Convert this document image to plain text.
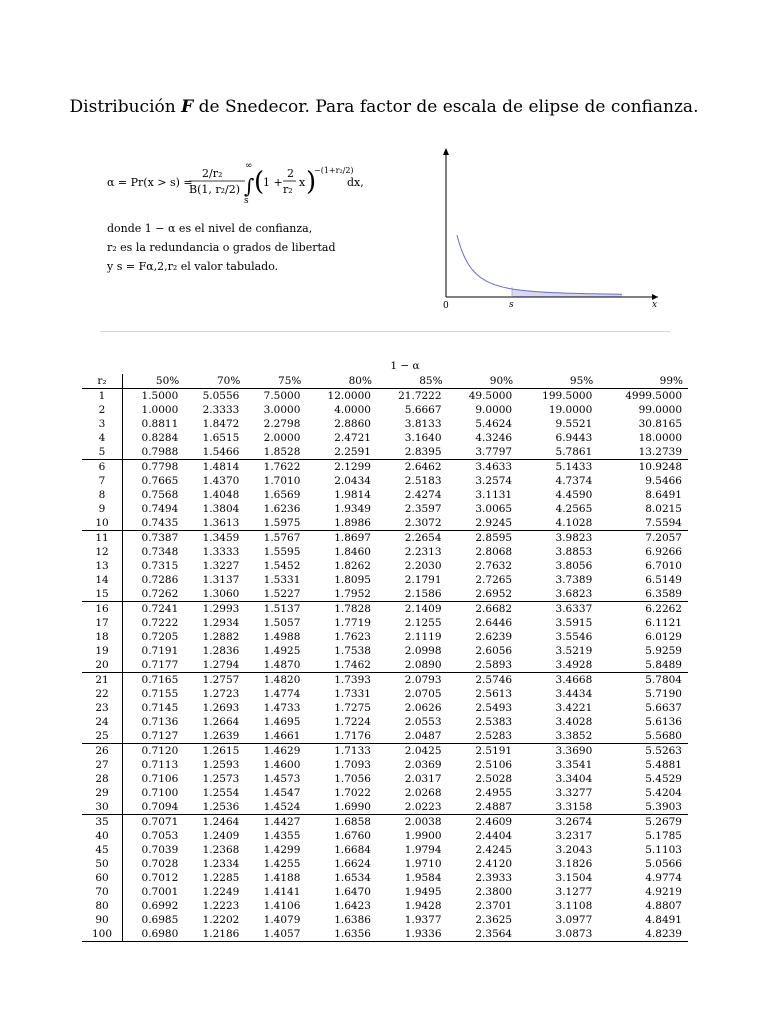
Distribución F de Snedecor. Para factor de escala de elipse de confianza.
α = Pr(x > s) =
2/r₂
B(1, r₂/2)
∞
∫
s
(
1 +
2
r₂
x )
−(1+r₂/2)
dx,
donde 1 − α es el nivel de confianza,
r₂ es la redundancia o grados de libertad
y s = Fα,2,r₂ el valor tabulado.
0	s	x
1 − α
r₂	50%	70%	75%	80%	85%	90%	95%	99%
1	1.5000	5.0556	7.5000	12.0000	21.7222	49.5000	199.5000	4999.5000
2	1.0000	2.3333	3.0000	4.0000	5.6667	9.0000	19.0000	99.0000
3	0.8811	1.8472	2.2798	2.8860	3.8133	5.4624	9.5521	30.8165
4	0.8284	1.6515	2.0000	2.4721	3.1640	4.3246	6.9443	18.0000
5	0.7988	1.5466	1.8528	2.2591	2.8395	3.7797	5.7861	13.2739
6	0.7798	1.4814	1.7622	2.1299	2.6462	3.4633	5.1433	10.9248
7	0.7665	1.4370	1.7010	2.0434	2.5183	3.2574	4.7374	9.5466
8	0.7568	1.4048	1.6569	1.9814	2.4274	3.1131	4.4590	8.6491
9	0.7494	1.3804	1.6236	1.9349	2.3597	3.0065	4.2565	8.0215
10	0.7435	1.3613	1.5975	1.8986	2.3072	2.9245	4.1028	7.5594
11	0.7387	1.3459	1.5767	1.8697	2.2654	2.8595	3.9823	7.2057
12	0.7348	1.3333	1.5595	1.8460	2.2313	2.8068	3.8853	6.9266
13	0.7315	1.3227	1.5452	1.8262	2.2030	2.7632	3.8056	6.7010
14	0.7286	1.3137	1.5331	1.8095	2.1791	2.7265	3.7389	6.5149
15	0.7262	1.3060	1.5227	1.7952	2.1586	2.6952	3.6823	6.3589
16	0.7241	1.2993	1.5137	1.7828	2.1409	2.6682	3.6337	6.2262
17	0.7222	1.2934	1.5057	1.7719	2.1255	2.6446	3.5915	6.1121
18	0.7205	1.2882	1.4988	1.7623	2.1119	2.6239	3.5546	6.0129
19	0.7191	1.2836	1.4925	1.7538	2.0998	2.6056	3.5219	5.9259
20	0.7177	1.2794	1.4870	1.7462	2.0890	2.5893	3.4928	5.8489
21	0.7165	1.2757	1.4820	1.7393	2.0793	2.5746	3.4668	5.7804
22	0.7155	1.2723	1.4774	1.7331	2.0705	2.5613	3.4434	5.7190
23	0.7145	1.2693	1.4733	1.7275	2.0626	2.5493	3.4221	5.6637
24	0.7136	1.2664	1.4695	1.7224	2.0553	2.5383	3.4028	5.6136
25	0.7127	1.2639	1.4661	1.7176	2.0487	2.5283	3.3852	5.5680
26	0.7120	1.2615	1.4629	1.7133	2.0425	2.5191	3.3690	5.5263
27	0.7113	1.2593	1.4600	1.7093	2.0369	2.5106	3.3541	5.4881
28	0.7106	1.2573	1.4573	1.7056	2.0317	2.5028	3.3404	5.4529
29	0.7100	1.2554	1.4547	1.7022	2.0268	2.4955	3.3277	5.4204
30	0.7094	1.2536	1.4524	1.6990	2.0223	2.4887	3.3158	5.3903
35	0.7071	1.2464	1.4427	1.6858	2.0038	2.4609	3.2674	5.2679
40	0.7053	1.2409	1.4355	1.6760	1.9900	2.4404	3.2317	5.1785
45	0.7039	1.2368	1.4299	1.6684	1.9794	2.4245	3.2043	5.1103
50	0.7028	1.2334	1.4255	1.6624	1.9710	2.4120	3.1826	5.0566
60	0.7012	1.2285	1.4188	1.6534	1.9584	2.3933	3.1504	4.9774
70	0.7001	1.2249	1.4141	1.6470	1.9495	2.3800	3.1277	4.9219
80	0.6992	1.2223	1.4106	1.6423	1.9428	2.3701	3.1108	4.8807
90	0.6985	1.2202	1.4079	1.6386	1.9377	2.3625	3.0977	4.8491
100	0.6980	1.2186	1.4057	1.6356	1.9336	2.3564	3.0873	4.8239
